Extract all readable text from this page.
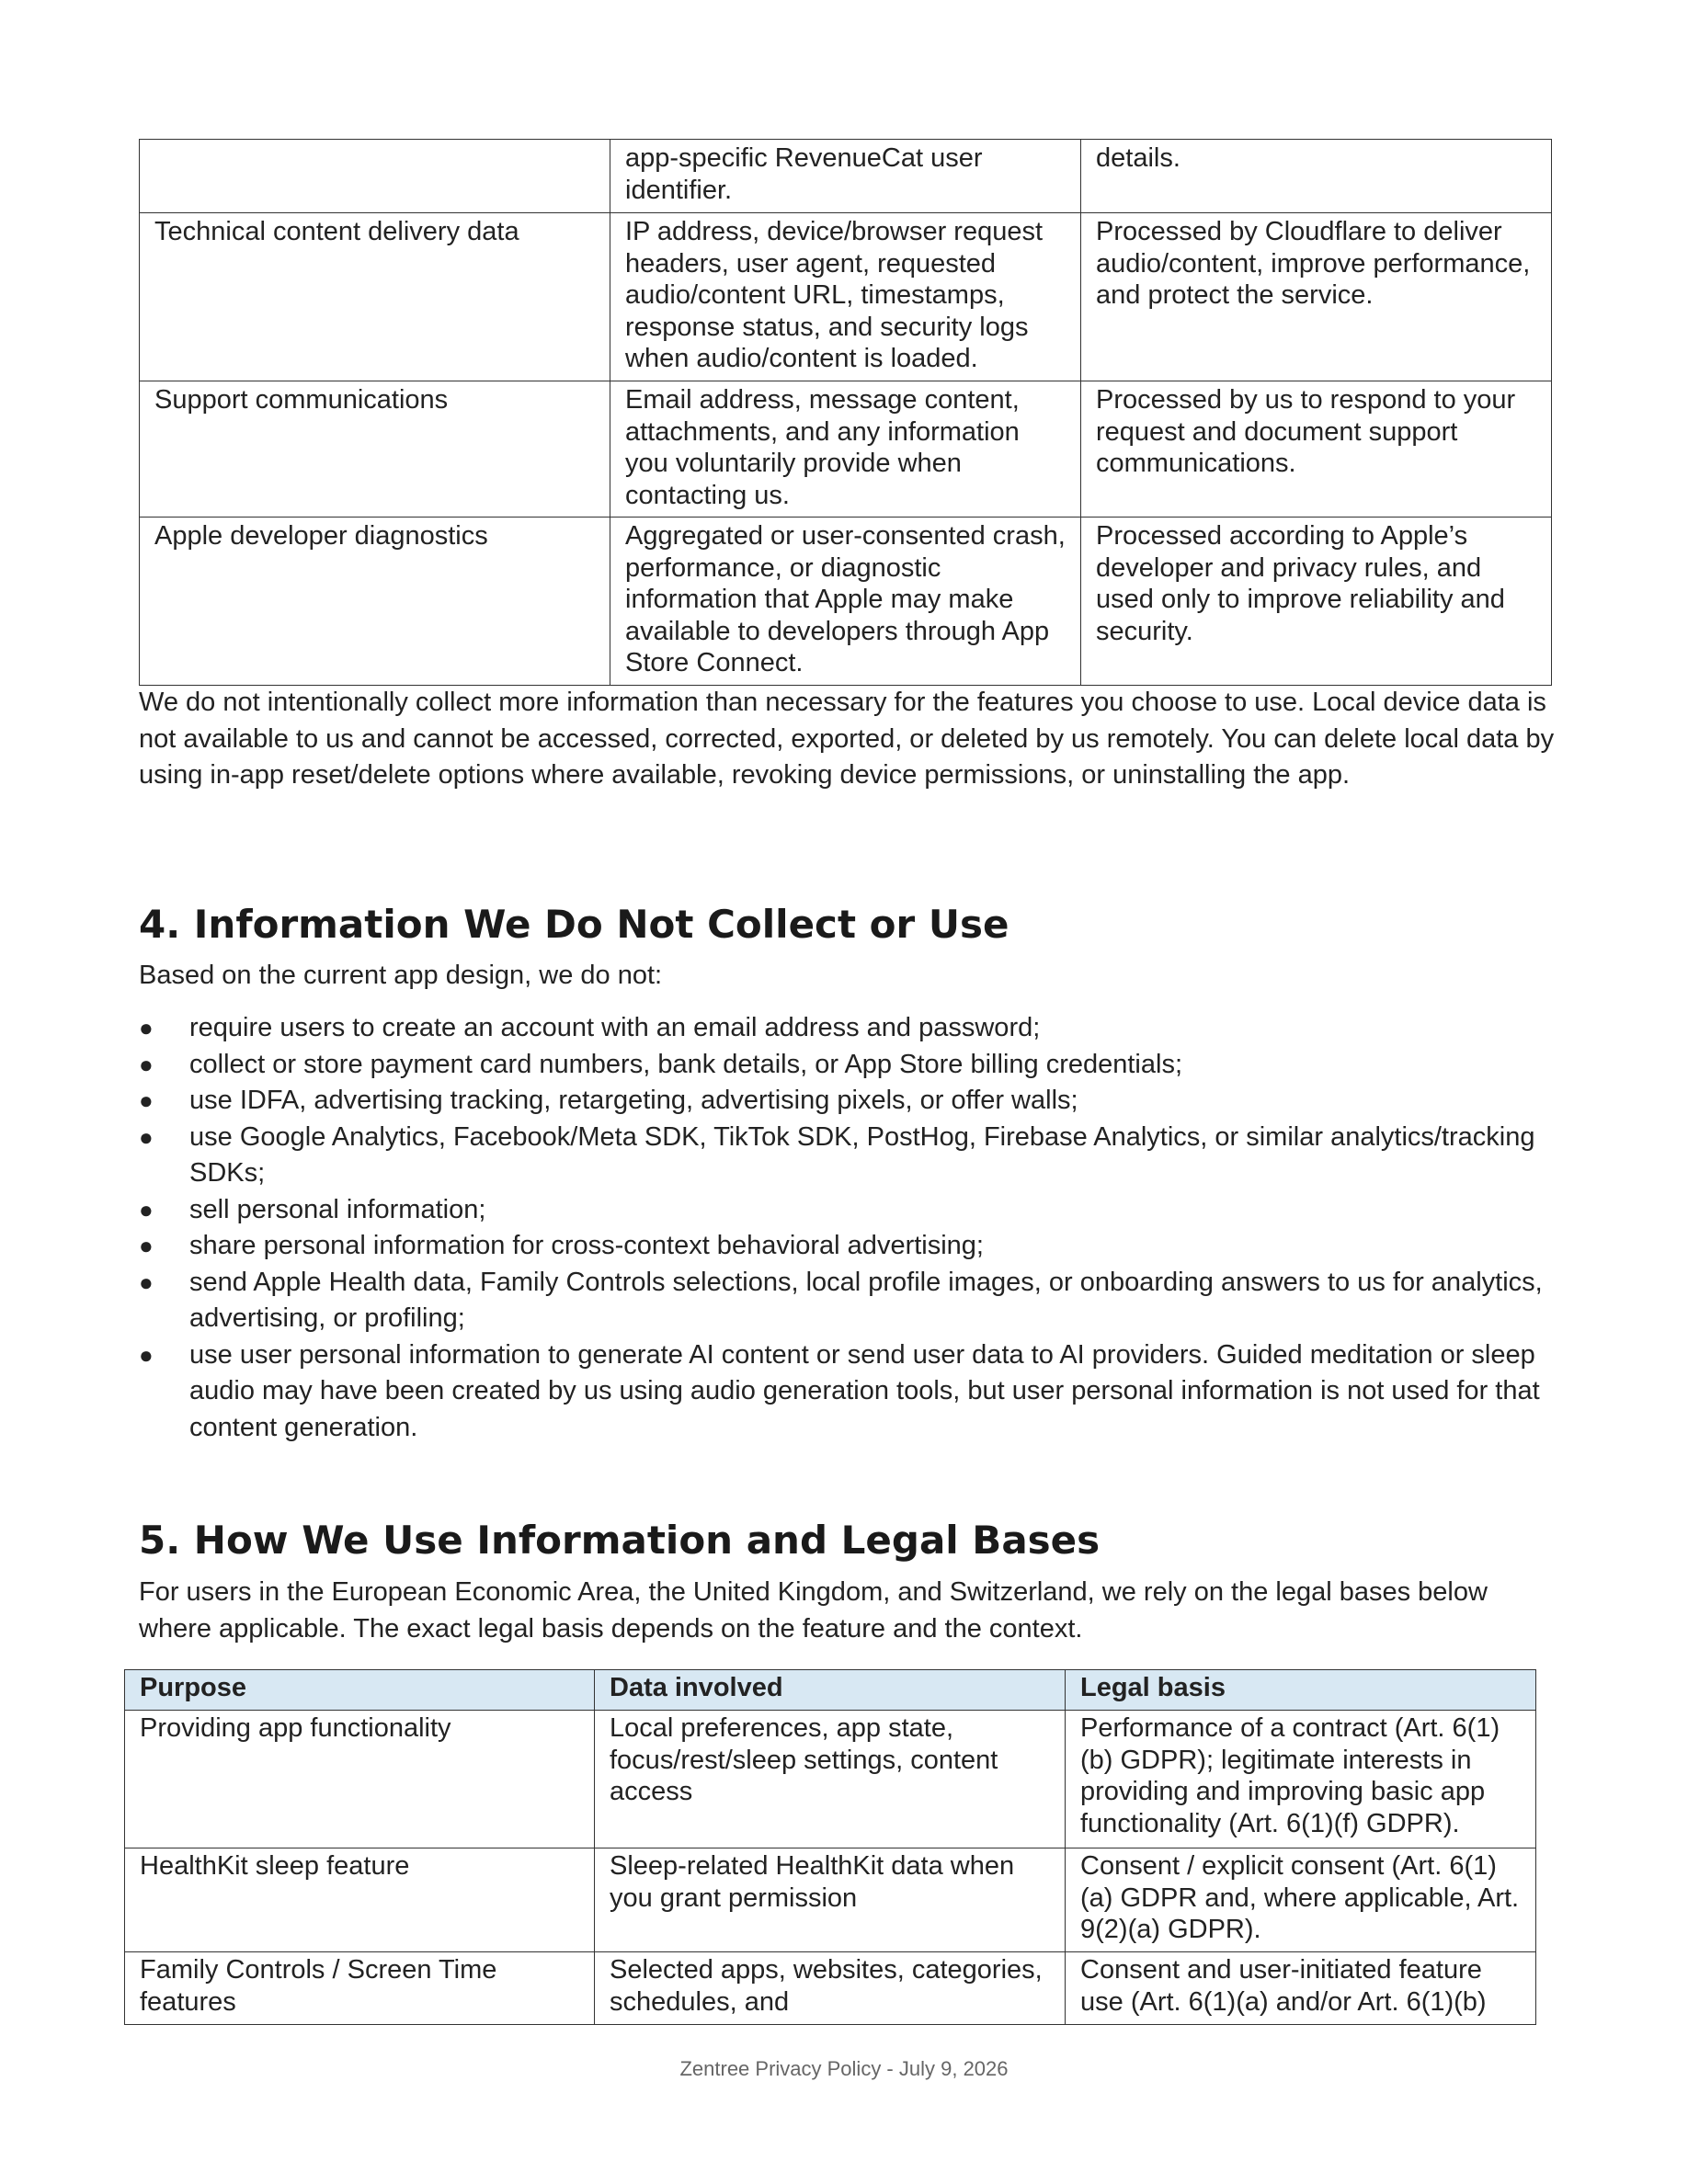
	app-specific RevenueCat user identifier.	details.
Technical content delivery data	IP address, device/browser request headers, user agent, requested audio/content URL, timestamps, response status, and security logs when audio/content is loaded.	Processed by Cloudflare to deliver audio/content, improve performance, and protect the service.
Support communications	Email address, message content, attachments, and any information you voluntarily provide when contacting us.	Processed by us to respond to your request and document support communications.
Apple developer diagnostics	Aggregated or user-consented crash, performance, or diagnostic information that Apple may make available to developers through App Store Connect.	Processed according to Apple’s developer and privacy rules, and used only to improve reliability and security.

We do not intentionally collect more information than necessary for the features you choose to use. Local device data is not available to us and cannot be accessed, corrected, exported, or deleted by us remotely. You can delete local data by using in-app reset/delete options where available, revoking device permissions, or uninstalling the app.

4. Information We Do Not Collect or Use

Based on the current app design, we do not:

● require users to create an account with an email address and password;
● collect or store payment card numbers, bank details, or App Store billing credentials;
● use IDFA, advertising tracking, retargeting, advertising pixels, or offer walls;
● use Google Analytics, Facebook/Meta SDK, TikTok SDK, PostHog, Firebase Analytics, or similar analytics/tracking SDKs;
● sell personal information;
● share personal information for cross-context behavioral advertising;
● send Apple Health data, Family Controls selections, local profile images, or onboarding answers to us for analytics, advertising, or profiling;
● use user personal information to generate AI content or send user data to AI providers. Guided meditation or sleep audio may have been created by us using audio generation tools, but user personal information is not used for that content generation.
5. How We Use Information and Legal Bases

For users in the European Economic Area, the United Kingdom, and Switzerland, we rely on the legal bases below where applicable. The exact legal basis depends on the feature and the context.

Purpose	Data involved	Legal basis
Providing app functionality	Local preferences, app state, focus/rest/sleep settings, content access	Performance of a contract (Art. 6(1)(b) GDPR); legitimate interests in providing and improving basic app functionality (Art. 6(1)(f) GDPR).
HealthKit sleep feature	Sleep-related HealthKit data when you grant permission	Consent / explicit consent (Art. 6(1)(a) GDPR and, where applicable, Art. 9(2)(a) GDPR).
Family Controls / Screen Time features	Selected apps, websites, categories, schedules, and	Consent and user-initiated feature use (Art. 6(1)(a) and/or Art. 6(1)(b)
Zentree Privacy Policy - July 9, 2026
